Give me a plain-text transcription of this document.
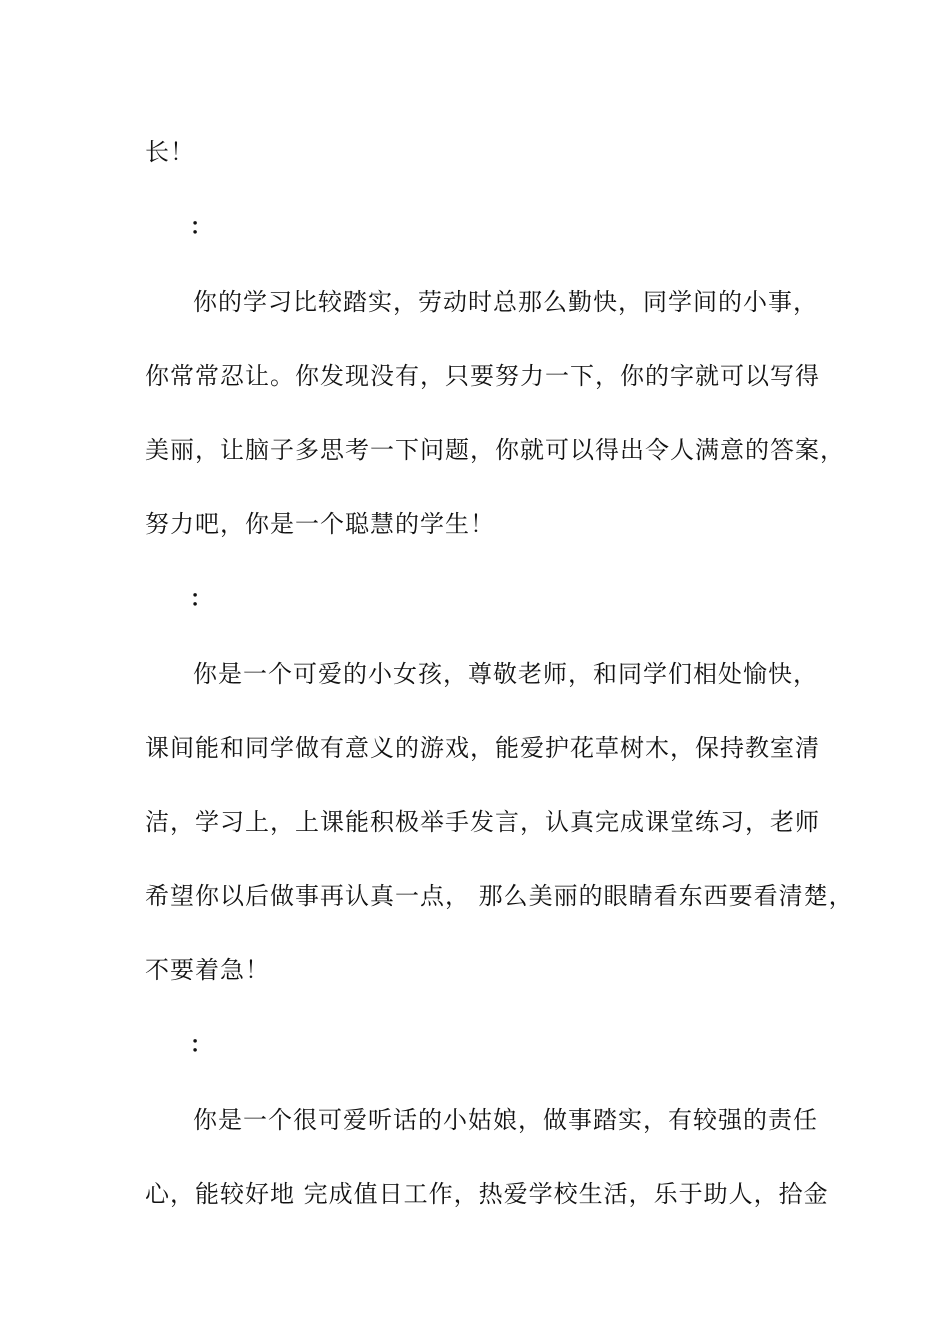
长！
：
你的学习比较踏实，劳动时总那么勤快，同学间的小事，
你常常忍让。你发现没有，只要努力一下，你的字就可以写得
美丽，让脑子多思考一下问题，你就可以得出令人满意的答案，
努力吧，你是一个聪慧的学生！
：
你是一个可爱的小女孩，尊敬老师，和同学们相处愉快，
课间能和同学做有意义的游戏，能爱护花草树木，保持教室清
洁，学习上，上课能积极举手发言，认真完成课堂练习，老师
希望你以后做事再认真一点， 那么美丽的眼睛看东西要看清楚，
不要着急！
：
你是一个很可爱听话的小姑娘，做事踏实，有较强的责任
心，能较好地 完成值日工作，热爱学校生活，乐于助人，拾金
